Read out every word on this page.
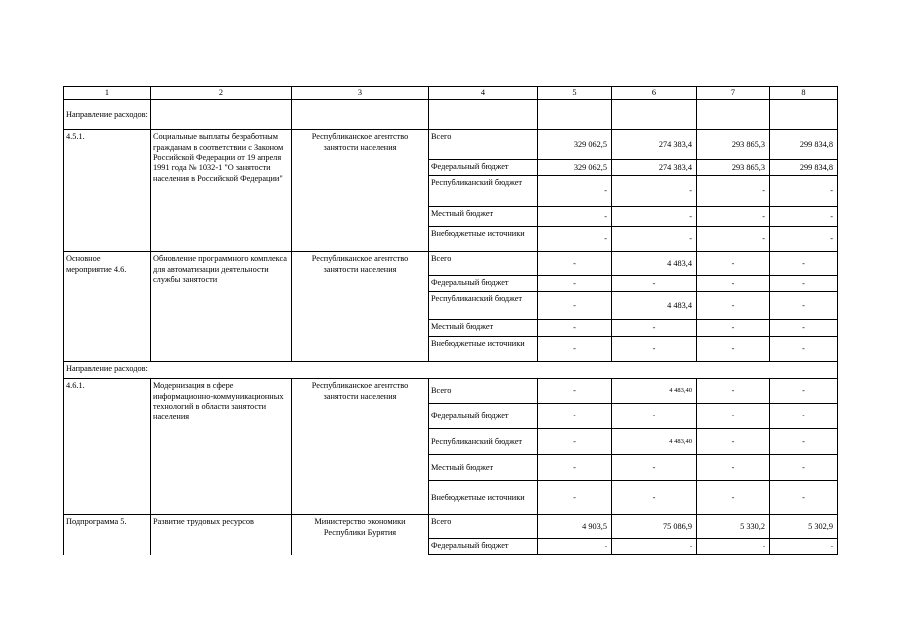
1	2	3	4	5	6	7	8
Направление расходов:							
4.5.1.	Социальные выплаты безработным гражданам в соответствии с Законом Российской Федерации от 19 апреля 1991 года № 1032-1 "О занятости населения в Российской Федерации"	Республиканское агентство занятости населения	Всего	329 062,5	274 383,4	293 865,3	299 834,8
			Федеральный бюджет	329 062,5	274 383,4	293 865,3	299 834,8
			Республиканский бюджет	-	-	-	-
			Местный бюджет	-	-	-	-
			Внебюджетные источники	-	-	-	-
Основное мероприятие 4.6.	Обновление программного комплекса для автоматизации деятельности службы занятости	Республиканское агентство занятости населения	Всего	-	4 483,4	-	-
			Федеральный бюджет	-	-	-	-
			Республиканский бюджет	-	4 483,4	-	-
			Местный бюджет	-	-	-	-
			Внебюджетные источники	-	-	-	-
Направление расходов:							
4.6.1.	Модернизация в сфере информационно-коммуникационных технологий в области занятости населения	Республиканское агентство занятости населения	Всего	-	4 483,40	-	-
			Федеральный бюджет	-	-	-	-
			Республиканский бюджет	-	4 483,40	-	-
			Местный бюджет	-	-	-	-
			Внебюджетные источники	-	-	-	-
Подпрограмма 5.	Развитие трудовых ресурсов	Министерство экономики Республики Бурятия	Всего	4 903,5	75 086,9	5 330,2	5 302,9
			Федеральный бюджет	-	-	-	-
